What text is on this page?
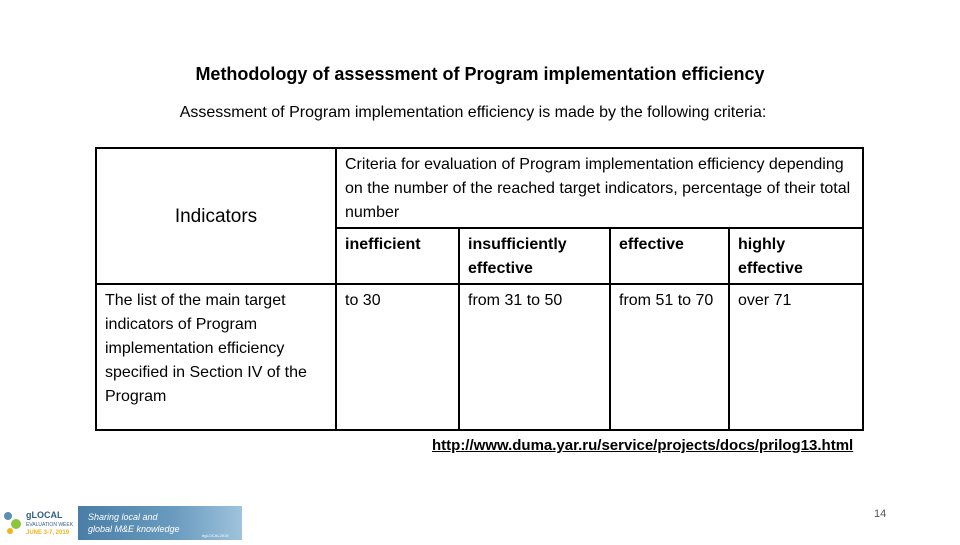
Methodology of assessment of Program implementation efficiency
Assessment of Program implementation efficiency is made by the following criteria:
Indicators	Criteria for evaluation of Program implementation efficiency depending on the number of the reached target indicators, percentage of their total number			
	inefficient	insufficiently effective	effective	highly effective
The list of the main target indicators of Program implementation efficiency specified in Section IV of the Program	to 30	from 31 to 50	from 51 to 70	over 71
http://www.duma.yar.ru/service/projects/docs/prilog13.html
14
gLOCAL
EVALUATION WEEK
JUNE 3-7, 2019
Sharing local and
global M&E knowledge
#gLOCAL2019
